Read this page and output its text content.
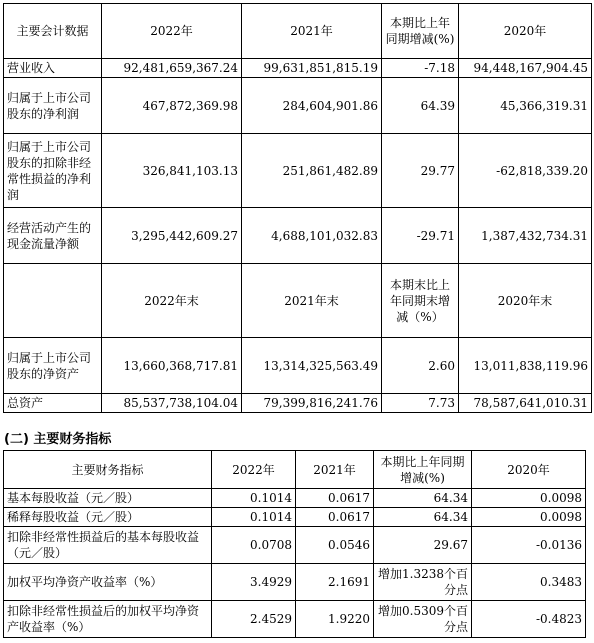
主要会计数据	2022年	2021年	本期比上年同期增减(%)	2020年
营业收入	92,481,659,367.24	99,631,851,815.19	-7.18	94,448,167,904.45
归属于上市公司股东的净利润	467,872,369.98	284,604,901.86	64.39	45,366,319.31
归属于上市公司股东的扣除非经常性损益的净利润	326,841,103.13	251,861,482.89	29.77	-62,818,339.20
经营活动产生的现金流量净额	3,295,442,609.27	4,688,101,032.83	-29.71	1,387,432,734.31
	2022年末	2021年末	本期末比上年同期末增减（%）	2020年末
归属于上市公司股东的净资产	13,660,368,717.81	13,314,325,563.49	2.60	13,011,838,119.96
总资产	85,537,738,104.04	79,399,816,241.76	7.73	78,587,641,010.31
(二) 主要财务指标
主要财务指标	2022年	2021年	本期比上年同期增减(%)	2020年
基本每股收益（元／股）	0.1014	0.0617	64.34	0.0098
稀释每股收益（元／股）	0.1014	0.0617	64.34	0.0098
扣除非经常性损益后的基本每股收益（元／股）	0.0708	0.0546	29.67	-0.0136
加权平均净资产收益率（%）	3.4929	2.1691	增加1.3238个百分点	0.3483
扣除非经常性损益后的加权平均净资产收益率（%）	2.4529	1.9220	增加0.5309个百分点	-0.4823
